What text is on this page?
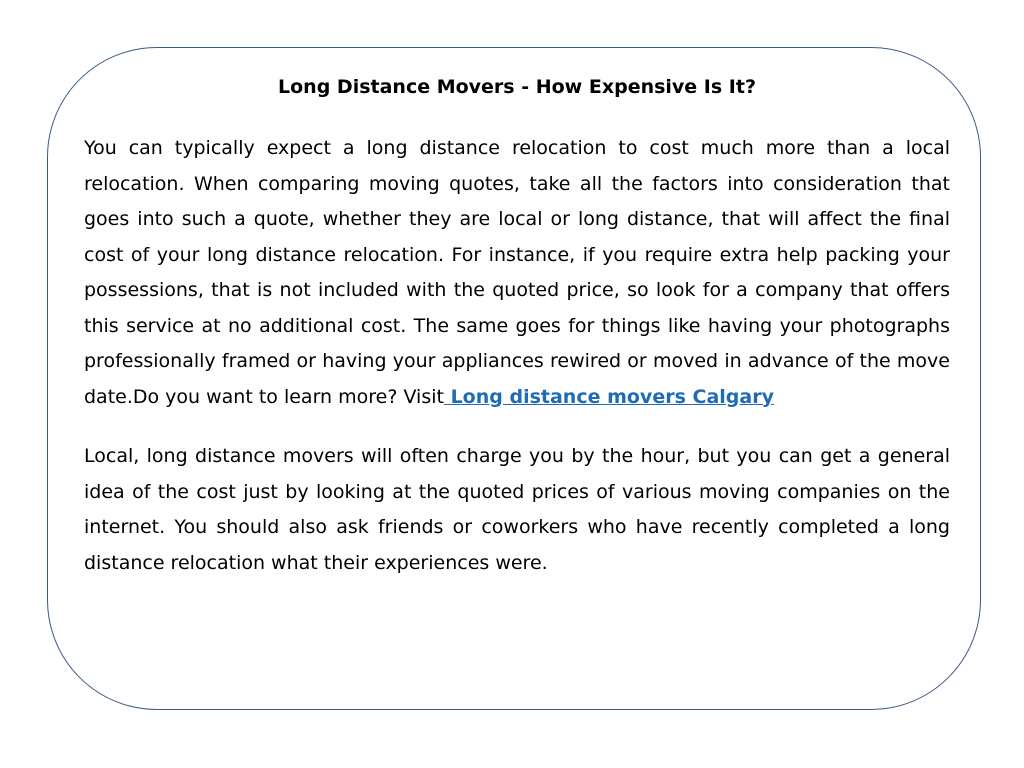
Long Distance Movers - How Expensive Is It?

You can typically expect a long distance relocation to cost much more than a local relocation. When comparing moving quotes, take all the factors into consideration that goes into such a quote, whether they are local or long distance, that will affect the final cost of your long distance relocation. For instance, if you require extra help packing your possessions, that is not included with the quoted price, so look for a company that offers this service at no additional cost. The same goes for things like having your photographs professionally framed or having your appliances rewired or moved in advance of the move date.Do you want to learn more? Visit Long distance movers Calgary

Local, long distance movers will often charge you by the hour, but you can get a general idea of the cost just by looking at the quoted prices of various moving companies on the internet. You should also ask friends or coworkers who have recently completed a long distance relocation what their experiences were.
